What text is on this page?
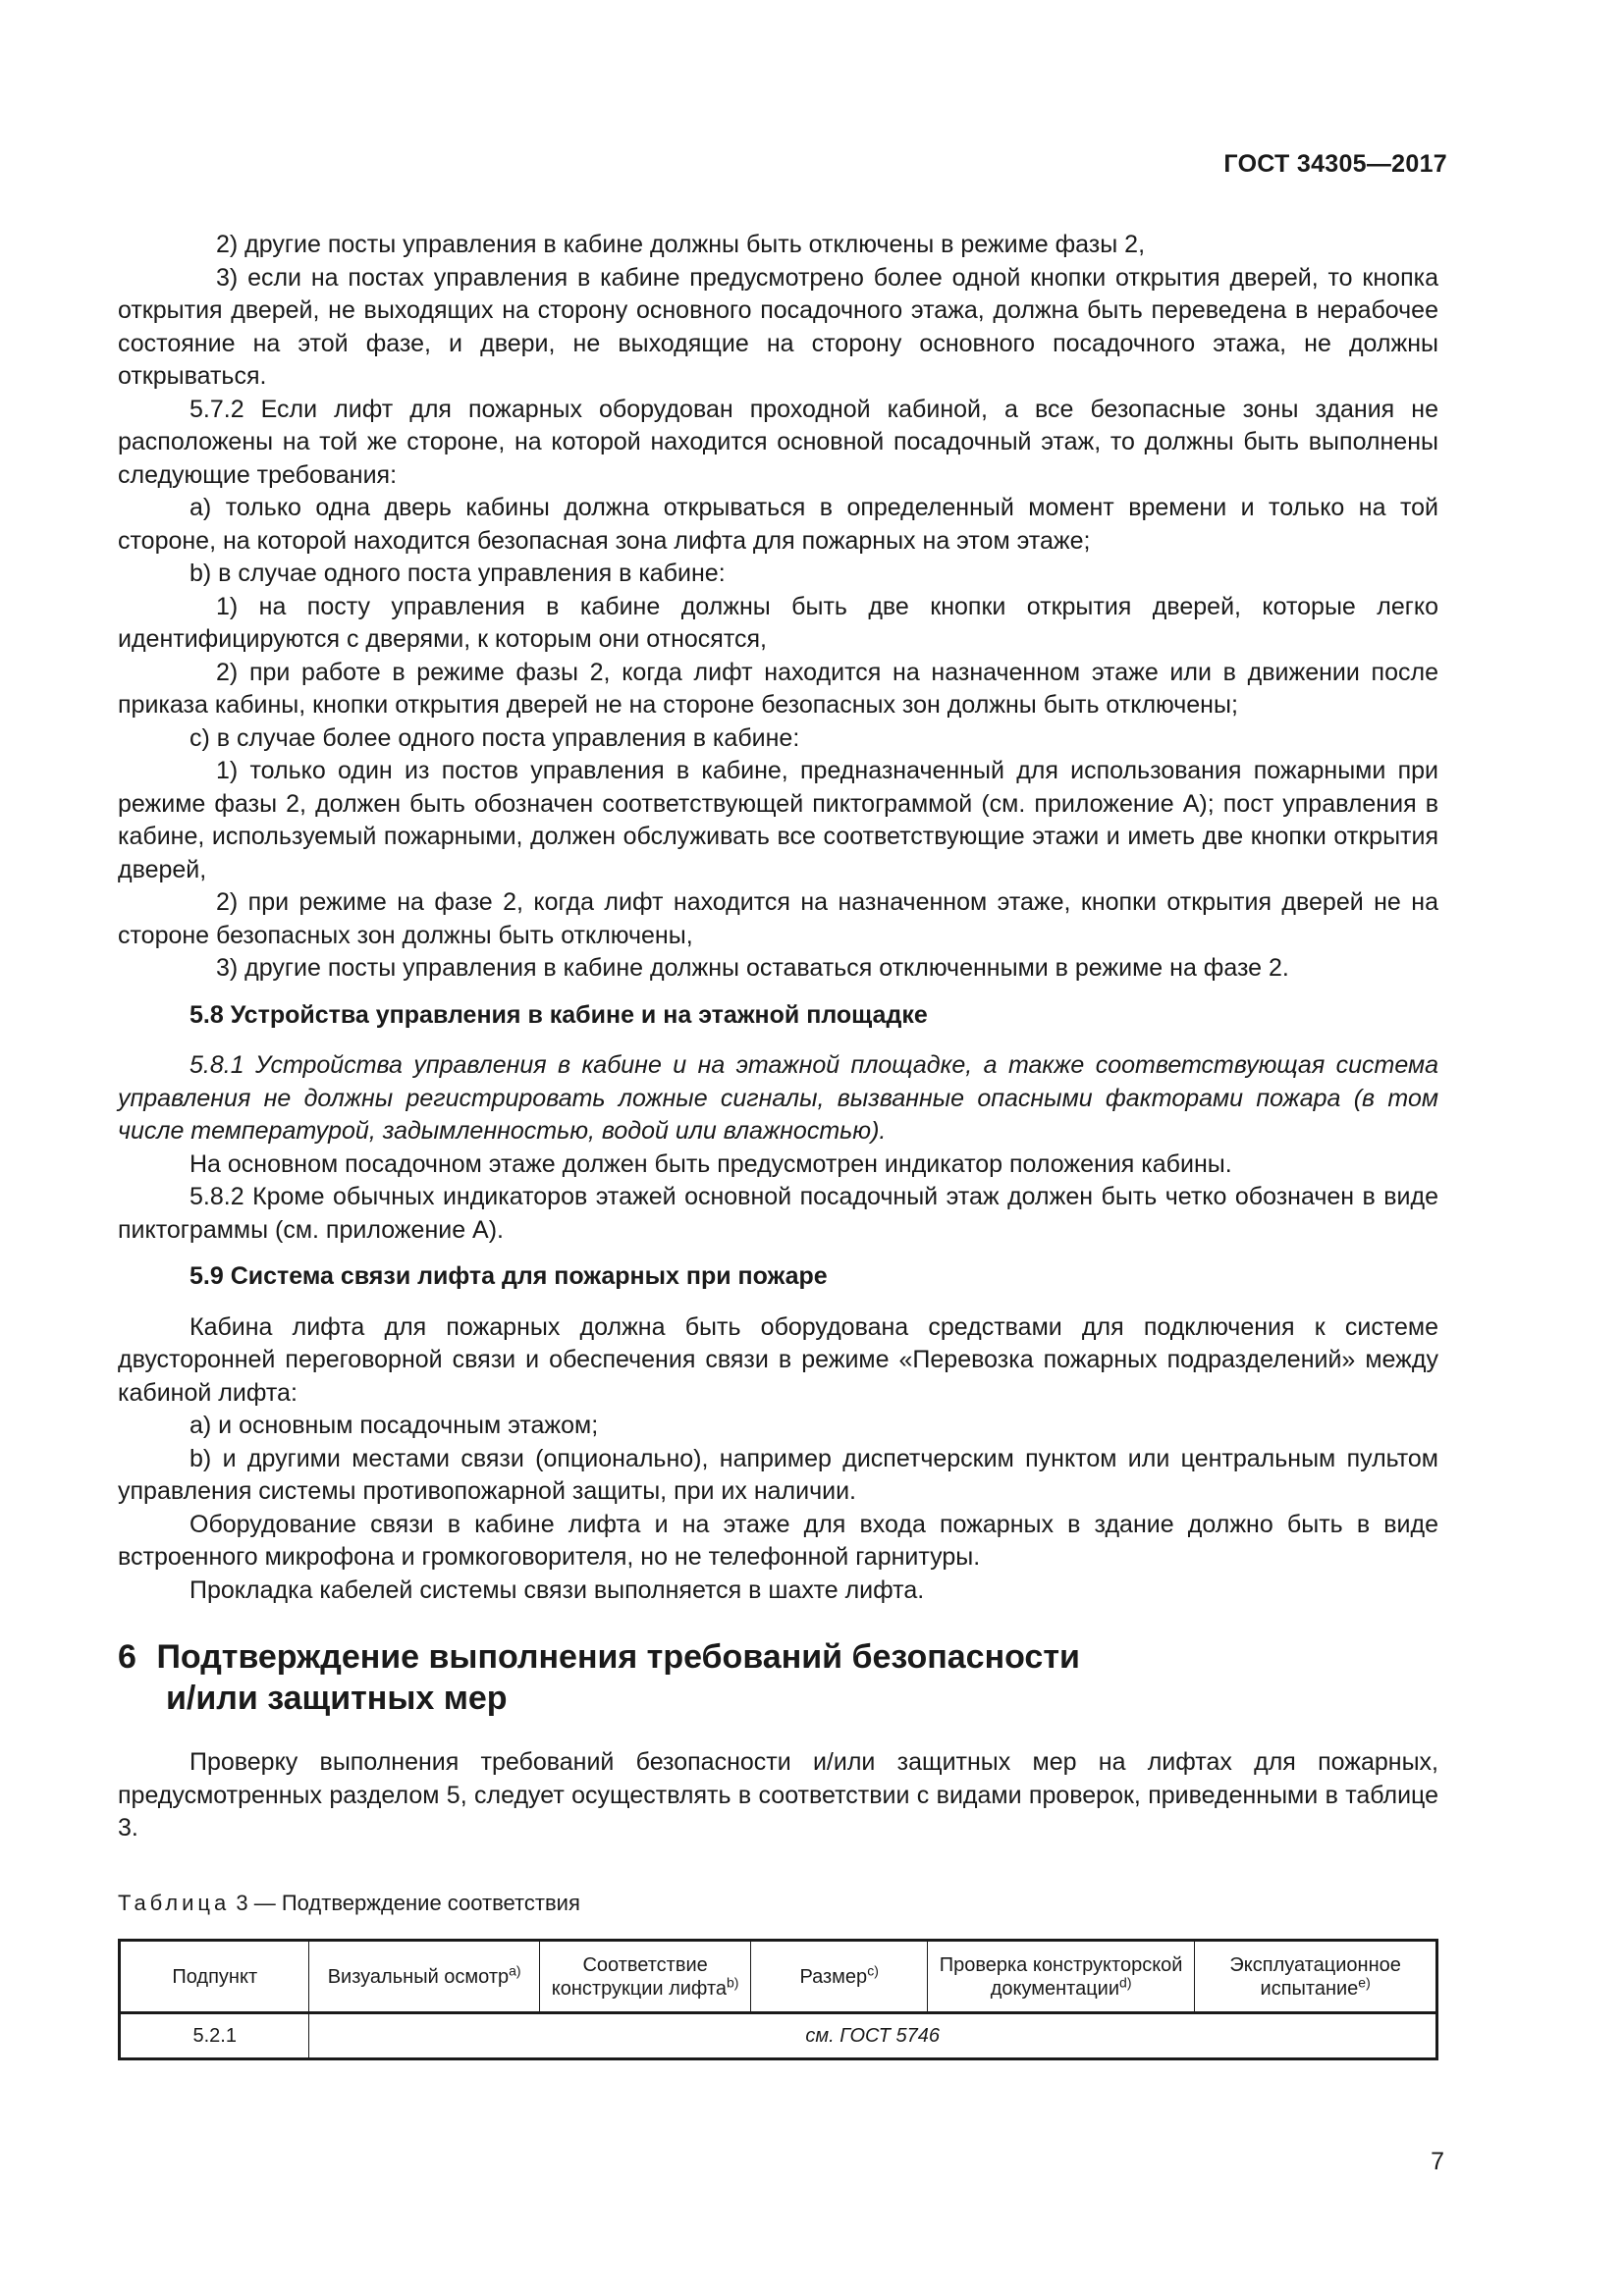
ГОСТ 34305—2017

2) другие посты управления в кабине должны быть отключены в режиме фазы 2,

3) если на постах управления в кабине предусмотрено более одной кнопки открытия дверей, то кнопка открытия дверей, не выходящих на сторону основного посадочного этажа, должна быть переведена в нерабочее состояние на этой фазе, и двери, не выходящие на сторону основного посадочного этажа, не должны открываться.

5.7.2 Если лифт для пожарных оборудован проходной кабиной, а все безопасные зоны здания не расположены на той же стороне, на которой находится основной посадочный этаж, то должны быть выполнены следующие требования:

a) только одна дверь кабины должна открываться в определенный момент времени и только на той стороне, на которой находится безопасная зона лифта для пожарных на этом этаже;

b) в случае одного поста управления в кабине:

1) на посту управления в кабине должны быть две кнопки открытия дверей, которые легко идентифицируются с дверями, к которым они относятся,

2) при работе в режиме фазы 2, когда лифт находится на назначенном этаже или в движении после приказа кабины, кнопки открытия дверей не на стороне безопасных зон должны быть отключены;

c) в случае более одного поста управления в кабине:

1) только один из постов управления в кабине, предназначенный для использования пожарными при режиме фазы 2, должен быть обозначен соответствующей пиктограммой (см. приложение А); пост управления в кабине, используемый пожарными, должен обслуживать все соответствующие этажи и иметь две кнопки открытия дверей,

2) при режиме на фазе 2, когда лифт находится на назначенном этаже, кнопки открытия дверей не на стороне безопасных зон должны быть отключены,

3) другие посты управления в кабине должны оставаться отключенными в режиме на фазе 2.

5.8 Устройства управления в кабине и на этажной площадке

5.8.1 Устройства управления в кабине и на этажной площадке, а также соответствующая система управления не должны регистрировать ложные сигналы, вызванные опасными факторами пожара (в том числе температурой, задымленностью, водой или влажностью).

На основном посадочном этаже должен быть предусмотрен индикатор положения кабины.

5.8.2 Кроме обычных индикаторов этажей основной посадочный этаж должен быть четко обозначен в виде пиктограммы (см. приложение А).

5.9 Система связи лифта для пожарных при пожаре

Кабина лифта для пожарных должна быть оборудована средствами для подключения к системе двусторонней переговорной связи и обеспечения связи в режиме «Перевозка пожарных подразделений» между кабиной лифта:

a) и основным посадочным этажом;

b) и другими местами связи (опционально), например диспетчерским пунктом или центральным пультом управления системы противопожарной защиты, при их наличии.

Оборудование связи в кабине лифта и на этаже для входа пожарных в здание должно быть в виде встроенного микрофона и громкоговорителя, но не телефонной гарнитуры.

Прокладка кабелей системы связи выполняется в шахте лифта.

6 Подтверждение выполнения требований безопасности
и/или защитных мер

Проверку выполнения требований безопасности и/или защитных мер на лифтах для пожарных, предусмотренных разделом 5, следует осуществлять в соответствии с видами проверок, приведенными в таблице 3.

Таблица 3 — Подтверждение соответствия

Подпункт	Визуальный осмотр$^{а)}$	Соответствие конструкции лифта$^{b)}$	Размер$^{c)}$	Проверка конструкторской документации$^{d)}$	Эксплуатационное испытание$^{e)}$
5.2.1	см. ГОСТ 5746				
7
